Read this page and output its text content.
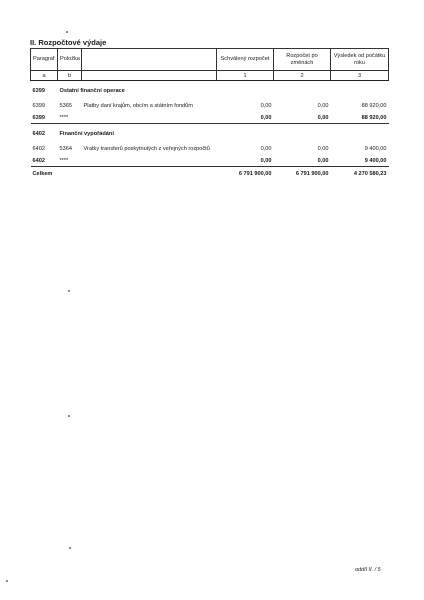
II. Rozpočtové výdaje
Paragraf	Položka		Schválený rozpočet	Rozpočet po změnách	Výsledek od počátku roku
a	b		1	2	3
6399	Ostatní finanční operace				
6399	5365	Platby daní krajům, obcím a státním fondům	0,00	0,00	88 920,00
6399	****		0,00	0,00	88 920,00
6402	Finanční vypořádání				
6402	5364	Vratky transferů poskytnutých z veřejných rozpočtů	0,00	0,00	9 400,00
6402	****		0,00	0,00	9 400,00
Celkem			6 791 900,00	6 791 900,00	4 270 580,23
oddíl II. / 5
